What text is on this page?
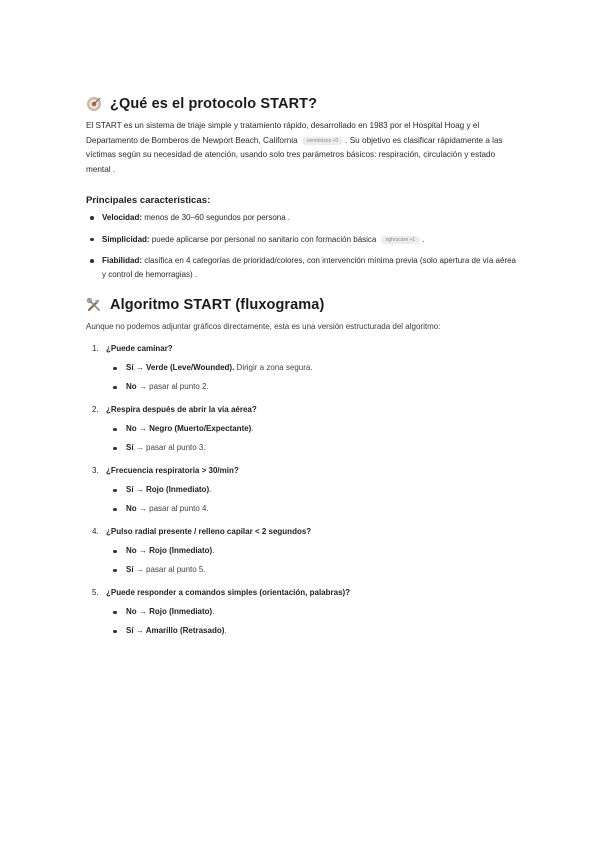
¿Qué es el protocolo START?
El START es un sistema de triaje simple y tratamiento rápido, desarrollado en 1983 por el Hospital Hoag y el Departamento de Bomberos de Newport Beach, California cemtrinsos +0 . Su objetivo es clasificar rápidamente a las víctimas según su necesidad de atención, usando solo tres parámetros básicos: respiración, circulación y estado mental .
Principales características:
Velocidad: menos de 30–60 segundos por persona .
Simplicidad: puede aplicarse por personal no sanitario con formación básica nghrucare +1 .
Fiabilidad: clasifica en 4 categorías de prioridad/colores, con intervención mínima previa (solo apertura de vía aérea y control de hemorragias) .
Algoritmo START (fluxograma)
Aunque no podemos adjuntar gráficos directamente, esta es una versión estructurada del algoritmo:
1. ¿Puede caminar?
Sí → Verde (Leve/Wounded). Dirigir a zona segura.
No → pasar al punto 2.
2. ¿Respira después de abrir la vía aérea?
No → Negro (Muerto/Expectante).
Sí → pasar al punto 3.
3. ¿Frecuencia respiratoria > 30/min?
Sí → Rojo (Inmediato).
No → pasar al punto 4.
4. ¿Pulso radial presente / relleno capilar < 2 segundos?
No → Rojo (Inmediato).
Sí → pasar al punto 5.
5. ¿Puede responder a comandos simples (orientación, palabras)?
No → Rojo (Inmediato).
Sí → Amarillo (Retrasado).
